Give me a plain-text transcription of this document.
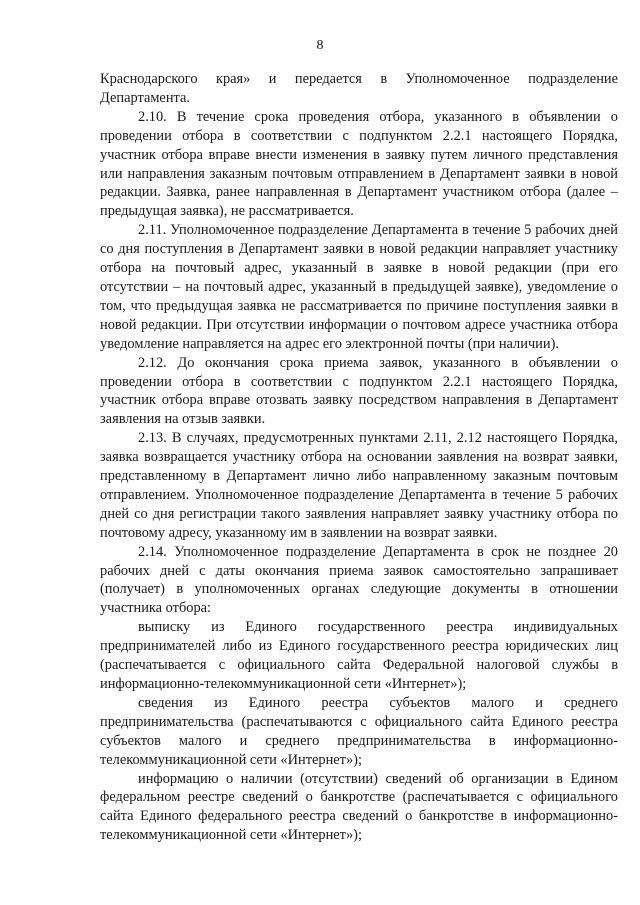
8

Краснодарского края» и передается в Уполномоченное подразделение Департамента.

2.10. В течение срока проведения отбора, указанного в объявлении о проведении отбора в соответствии с подпунктом 2.2.1 настоящего Порядка, участник отбора вправе внести изменения в заявку путем личного представления или направления заказным почтовым отправлением в Департамент заявки в новой редакции. Заявка, ранее направленная в Департамент участником отбора (далее – предыдущая заявка), не рассматривается.

2.11. Уполномоченное подразделение Департамента в течение 5 рабочих дней со дня поступления в Департамент заявки в новой редакции направляет участнику отбора на почтовый адрес, указанный в заявке в новой редакции (при его отсутствии – на почтовый адрес, указанный в предыдущей заявке), уведомление о том, что предыдущая заявка не рассматривается по причине поступления заявки в новой редакции. При отсутствии информации о почтовом адресе участника отбора уведомление направляется на адрес его электронной почты (при наличии).

2.12. До окончания срока приема заявок, указанного в объявлении о проведении отбора в соответствии с подпунктом 2.2.1 настоящего Порядка, участник отбора вправе отозвать заявку посредством направления в Департамент заявления на отзыв заявки.

2.13. В случаях, предусмотренных пунктами 2.11, 2.12 настоящего Порядка, заявка возвращается участнику отбора на основании заявления на возврат заявки, представленному в Департамент лично либо направленному заказным почтовым отправлением. Уполномоченное подразделение Департамента в течение 5 рабочих дней со дня регистрации такого заявления направляет заявку участнику отбора по почтовому адресу, указанному им в заявлении на возврат заявки.

2.14. Уполномоченное подразделение Департамента в срок не позднее 20 рабочих дней с даты окончания приема заявок самостоятельно запрашивает (получает) в уполномоченных органах следующие документы в отношении участника отбора:

выписку из Единого государственного реестра индивидуальных предпринимателей либо из Единого государственного реестра юридических лиц (распечатывается с официального сайта Федеральной налоговой службы в информационно-телекоммуникационной сети «Интернет»);

сведения из Единого реестра субъектов малого и среднего предпринимательства (распечатываются с официального сайта Единого реестра субъектов малого и среднего предпринимательства в информационно-телекоммуникационной сети «Интернет»);

информацию о наличии (отсутствии) сведений об организации в Едином федеральном реестре сведений о банкротстве (распечатывается с официального сайта Единого федерального реестра сведений о банкротстве в информационно-телекоммуникационной сети «Интернет»);
